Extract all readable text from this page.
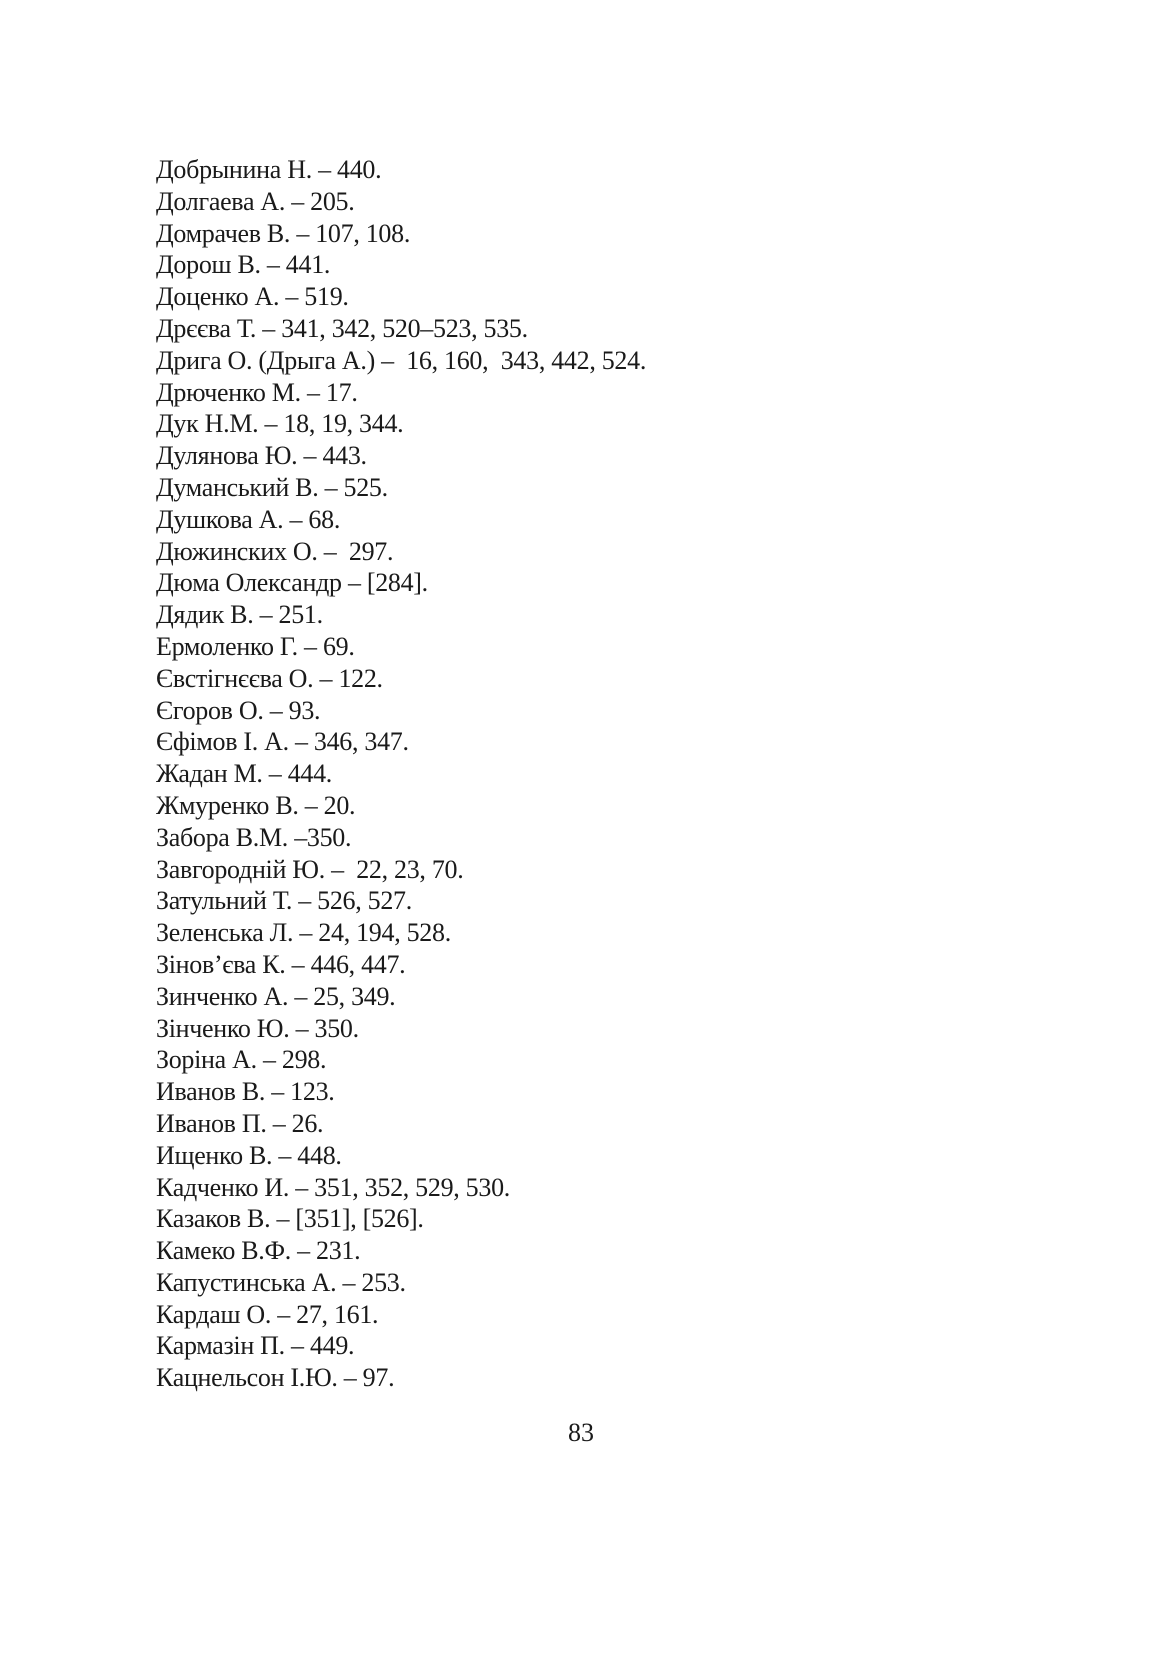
Добрынина Н. – 440.
Долгаева А. – 205.
Домрачев В. – 107, 108.
Дорош В. – 441.
Доценко А. – 519.
Дрєєва Т. – 341, 342, 520–523, 535.
Дрига О. (Дрыга А.) –  16, 160,  343, 442, 524.
Дрюченко М. – 17.
Дук Н.М. – 18, 19, 344.
Дулянова Ю. – 443.
Думанський В. – 525.
Душкова А. – 68.
Дюжинских О. –  297.
Дюма Олександр – [284].
Дядик В. – 251.
Ермоленко Г. – 69.
Євстігнєєва О. – 122.
Єгоров О. – 93.
Єфімов І. А. – 346, 347.
Жадан М. – 444.
Жмуренко В. – 20.
Забора В.М. –350.
Завгородній Ю. –  22, 23, 70.
Затульний Т. – 526, 527.
Зеленська Л. – 24, 194, 528.
Зінов’єва К. – 446, 447.
Зинченко А. – 25, 349.
Зінченко Ю. – 350.
Зоріна А. – 298.
Иванов В. – 123.
Иванов П. – 26.
Ищенко В. – 448.
Кадченко И. – 351, 352, 529, 530.
Казаков В. – [351], [526].
Камеко В.Ф. – 231.
Капустинська А. – 253.
Кардаш О. – 27, 161.
Кармазін П. – 449.
Кацнельсон І.Ю. – 97.
83
